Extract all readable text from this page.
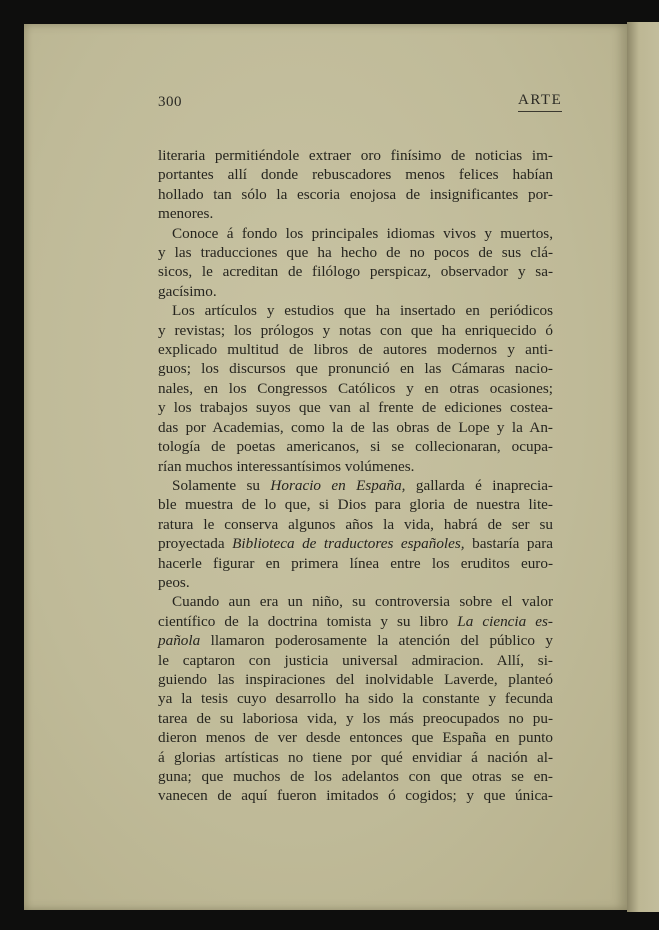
300	ARTE
literaria permitiéndole extraer oro finísimo de noticias im-
portantes allí donde rebuscadores menos felices habían
hollado tan sólo la escoria enojosa de insignificantes por-
menores.
Conoce á fondo los principales idiomas vivos y muertos,
y las traducciones que ha hecho de no pocos de sus clá-
sicos, le acreditan de filólogo perspicaz, observador y sa-
gacísimo.
Los artículos y estudios que ha insertado en periódicos
y revistas; los prólogos y notas con que ha enriquecido ó
explicado multitud de libros de autores modernos y anti-
guos; los discursos que pronunció en las Cámaras nacio-
nales, en los Congressos Católicos y en otras ocasiones;
y los trabajos suyos que van al frente de ediciones costea-
das por Academias, como la de las obras de Lope y la An-
tología de poetas americanos, si se collecionaran, ocupa-
rían muchos interessantísimos volúmenes.
Solamente su Horacio en España, gallarda é inaprecia-
ble muestra de lo que, si Dios para gloria de nuestra lite-
ratura le conserva algunos años la vida, habrá de ser su
proyectada Biblioteca de traductores españoles, bastaría para
hacerle figurar en primera línea entre los eruditos euro-
peos.
Cuando aun era un niño, su controversia sobre el valor
científico de la doctrina tomista y su libro La ciencia es-
pañola llamaron poderosamente la atención del público y
le captaron con justicia universal admiracion. Allí, si-
guiendo las inspiraciones del inolvidable Laverde, planteó
ya la tesis cuyo desarrollo ha sido la constante y fecunda
tarea de su laboriosa vida, y los más preocupados no pu-
dieron menos de ver desde entonces que España en punto
á glorias artísticas no tiene por qué envidiar á nación al-
guna; que muchos de los adelantos con que otras se en-
vanecen de aquí fueron imitados ó cogidos; y que única-
